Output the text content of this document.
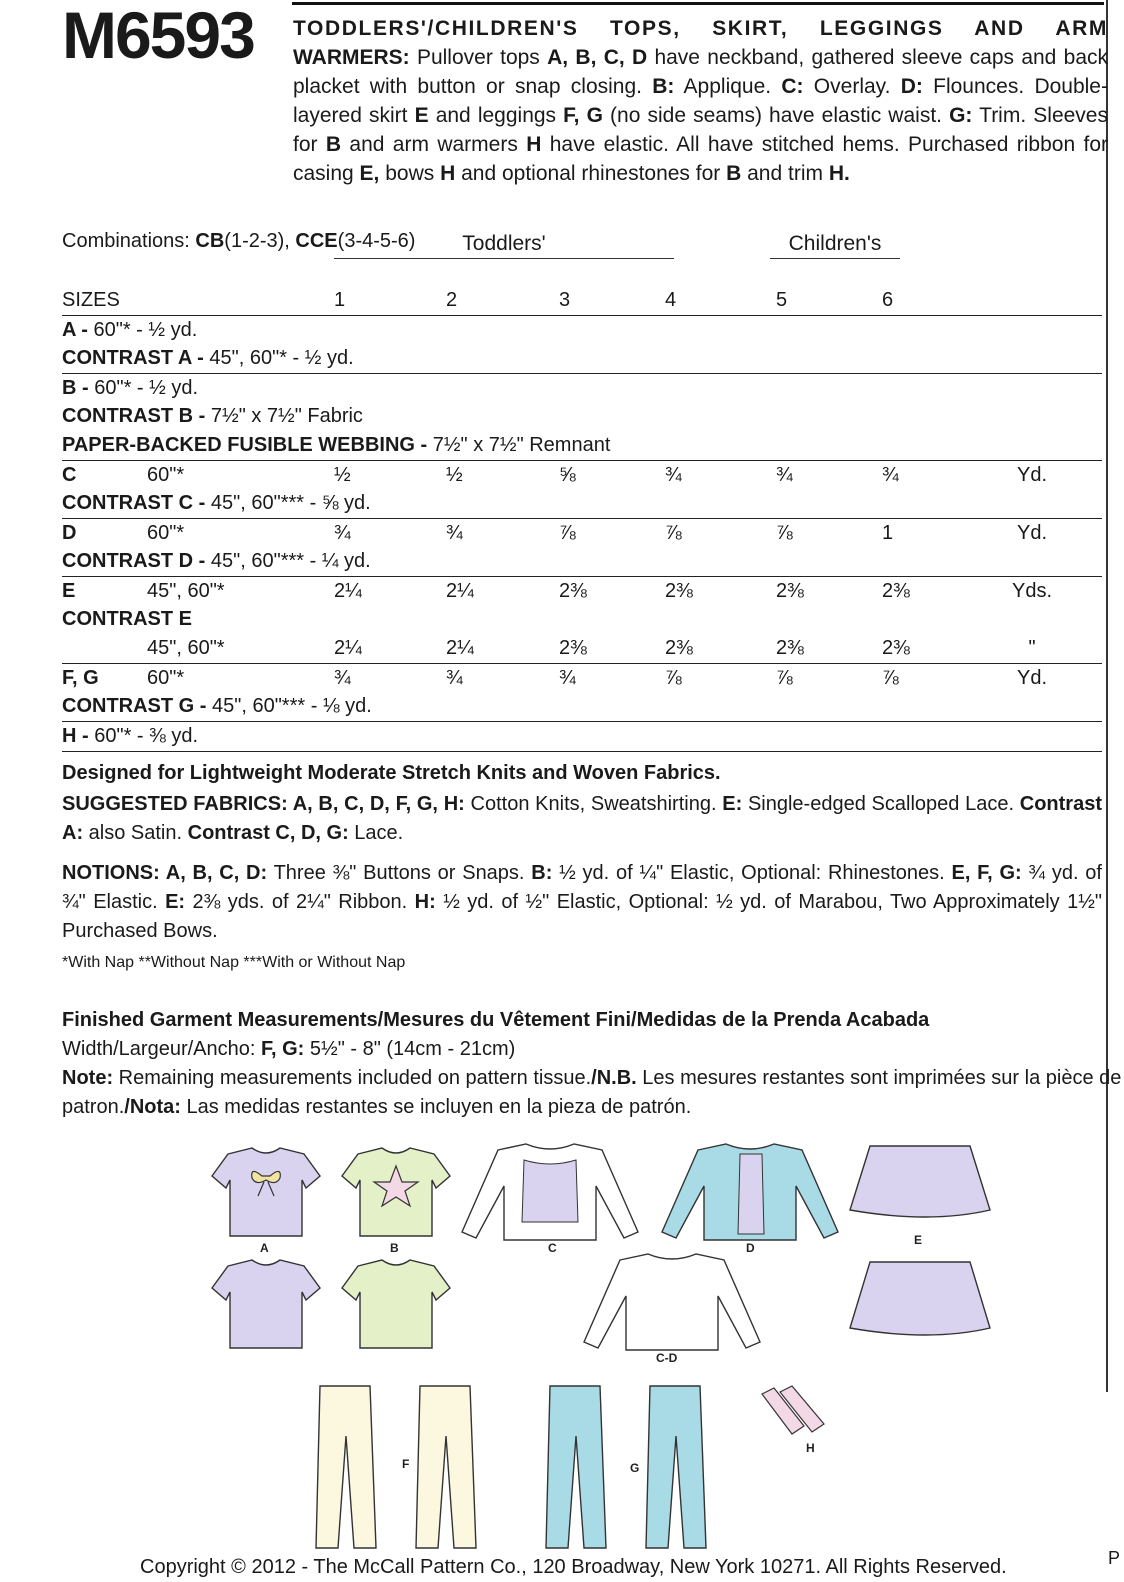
M6593 TODDLERS'/CHILDREN'S TOPS, SKIRT, LEGGINGS AND ARM WARMERS: Pullover tops A, B, C, D have neckband, gathered sleeve caps and back placket with button or snap closing. B: Applique. C: Overlay. D: Flounces. Double-layered skirt E and leggings F, G (no side seams) have elastic waist. G: Trim. Sleeves for B and arm warmers H have elastic. All have stitched hems. Purchased ribbon for casing E, bows H and optional rhinestones for B and trim H.
Combinations: CB(1-2-3), CCE(3-4-5-6)	Toddlers'	Children's
SIZES	1	2	3	4	5	6
A - 60"* - ½ yd.
CONTRAST A - 45", 60"* - ½ yd.
B - 60"* - ½ yd.
CONTRAST B - 7½" x 7½" Fabric
PAPER-BACKED FUSIBLE WEBBING - 7½" x 7½" Remnant
C	60"*	½	½	⅝	¾	¾	¾	Yd.
CONTRAST C - 45", 60"*** - ⅝ yd.
D	60"*	¾	¾	⅞	⅞	⅞	1	Yd.
CONTRAST D - 45", 60"*** - ¼ yd.
E	45", 60"*	2¼	2¼	2⅜	2⅜	2⅜	2⅜	Yds.
CONTRAST E
45", 60"*	2¼	2¼	2⅜	2⅜	2⅜	2⅜	"
F, G 60"*	¾	¾	¾	⅞	⅞	⅞	Yd.
CONTRAST G - 45", 60"*** - ⅛ yd.
H - 60"* - ⅜ yd.
Designed for Lightweight Moderate Stretch Knits and Woven Fabrics.
SUGGESTED FABRICS: A, B, C, D, F, G, H: Cotton Knits, Sweatshirting. E: Single-edged Scalloped Lace. Contrast A: also Satin. Contrast C, D, G: Lace.
NOTIONS: A, B, C, D: Three ⅜" Buttons or Snaps. B: ½ yd. of ¼" Elastic, Optional: Rhinestones. E, F, G: ¾ yd. of ¾" Elastic. E: 2⅜ yds. of 2¼" Ribbon. H: ½ yd. of ½" Elastic, Optional: ½ yd. of Marabou, Two Approximately 1½" Purchased Bows.
*With Nap **Without Nap ***With or Without Nap
Finished Garment Measurements/Mesures du Vêtement Fini/Medidas de la Prenda Acabada
Width/Largeur/Ancho: F, G: 5½" - 8" (14cm - 21cm)
Note: Remaining measurements included on pattern tissue./N.B. Les mesures restantes sont imprimées sur la pièce de patron./Nota: Las medidas restantes se incluyen en la pieza de patrón.
A	B	C	D
E
C-D
F	G
H
Copyright © 2012 - The McCall Pattern Co., 120 Broadway, New York 10271. All Rights Reserved.	P
